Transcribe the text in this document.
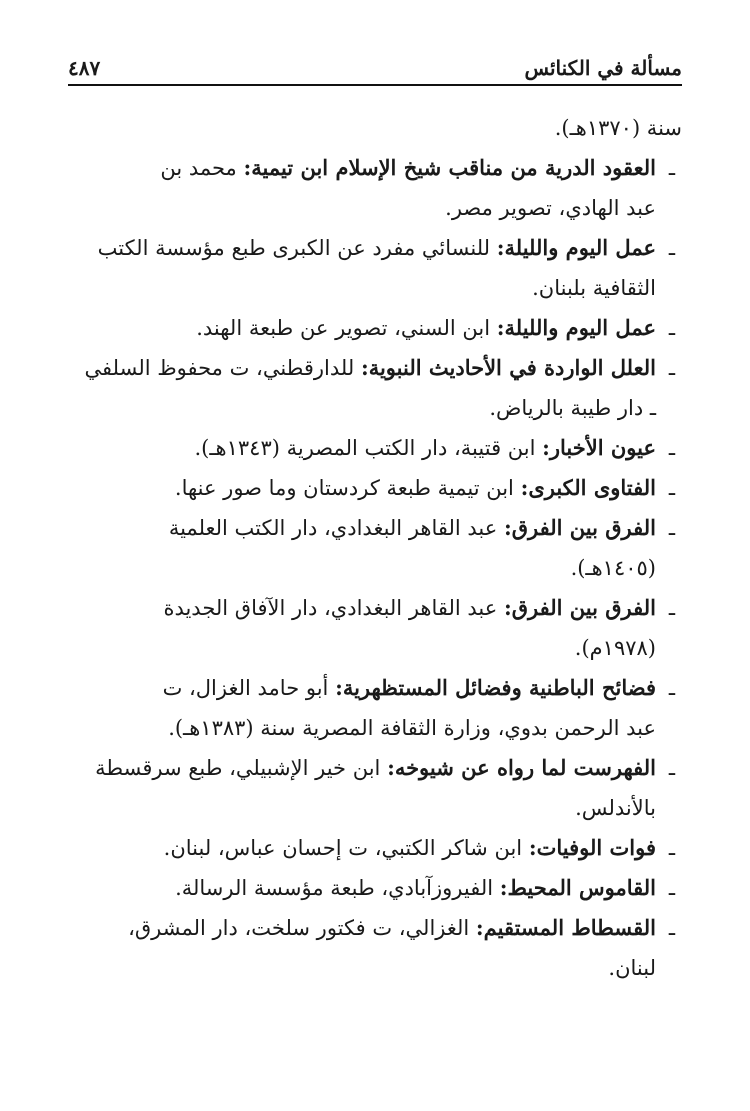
مسألة في الكنائس
٤٨٧
سنة (١٣٧٠هـ).
ـ
العقود الدرية من مناقب شيخ الإسلام ابن تيمية: محمد بن
عبد الهادي، تصوير مصر.
ـ
عمل اليوم والليلة: للنسائي مفرد عن الكبرى طبع مؤسسة الكتب
الثقافية بلبنان.
ـ
عمل اليوم والليلة: ابن السني، تصوير عن طبعة الهند.
ـ
العلل الواردة في الأحاديث النبوية: للدارقطني، ت محفوظ السلفي
ـ دار طيبة بالرياض.
ـ
عيون الأخبار: ابن قتيبة، دار الكتب المصرية (١٣٤٣هـ).
ـ
الفتاوى الكبرى: ابن تيمية طبعة كردستان وما صور عنها.
ـ
الفرق بين الفرق: عبد القاهر البغدادي، دار الكتب العلمية
(١٤٠٥هـ).
ـ
الفرق بين الفرق: عبد القاهر البغدادي، دار الآفاق الجديدة
(١٩٧٨م).
ـ
فضائح الباطنية وفضائل المستظهرية: أبو حامد الغزال، ت
عبد الرحمن بدوي، وزارة الثقافة المصرية سنة (١٣٨٣هـ).
ـ
الفهرست لما رواه عن شيوخه: ابن خير الإشبيلي، طبع سرقسطة
بالأندلس.
ـ
فوات الوفيات: ابن شاكر الكتبي، ت إحسان عباس، لبنان.
ـ
القاموس المحيط: الفيروزآبادي، طبعة مؤسسة الرسالة.
ـ
القسطاط المستقيم: الغزالي، ت فكتور سلخت، دار المشرق،
لبنان.
